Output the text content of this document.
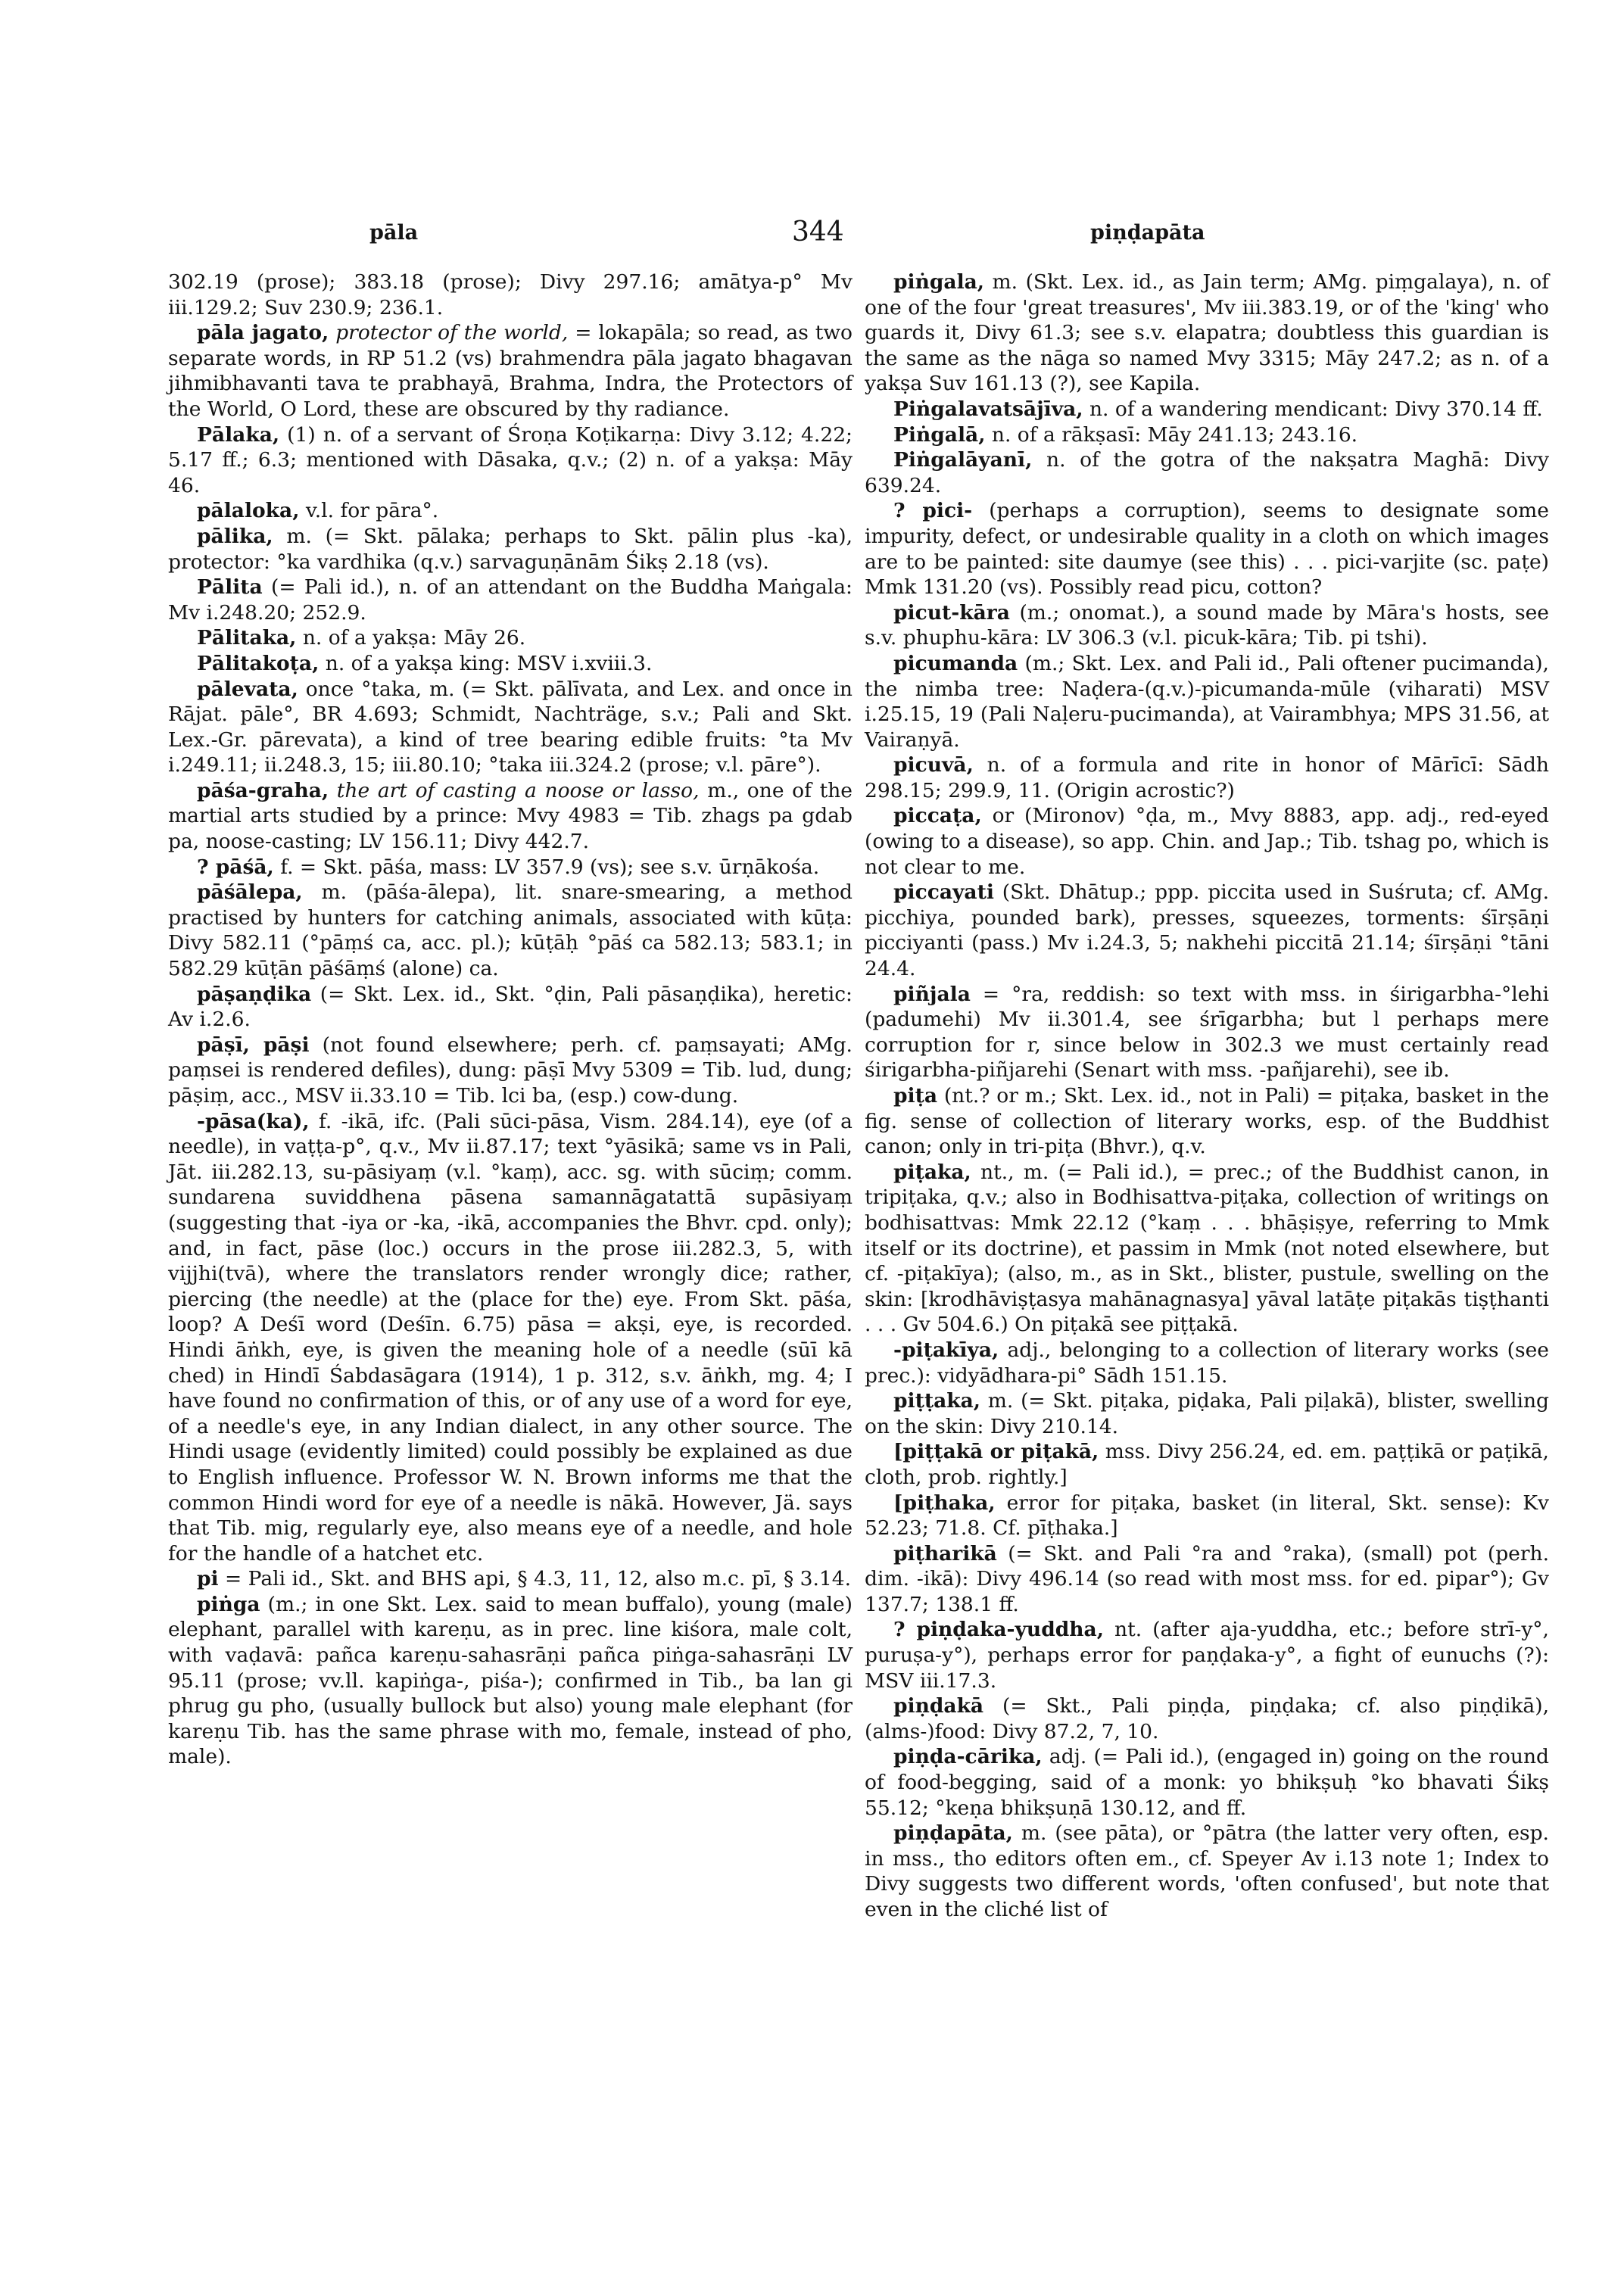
pāla	344	piṇḍapāta

302.19 (prose); 383.18 (prose); Divy 297.16; amātya-p° Mv iii.129.2; Suv 230.9; 236.1.

pāla jagato, protector of the world, = lokapāla; so read, as two separate words, in RP 51.2 (vs) brahmendra pāla jagato bhagavan jihmibhavanti tava te prabhayā, Brahma, Indra, the Protectors of the World, O Lord, these are obscured by thy radiance.

Pālaka, (1) n. of a servant of Śroṇa Koṭikarṇa: Divy 3.12; 4.22; 5.17 ff.; 6.3; mentioned with Dāsaka, q.v.; (2) n. of a yakṣa: Māy 46.

pālaloka, v.l. for pāra°.

pālika, m. (= Skt. pālaka; perhaps to Skt. pālin plus -ka), protector: °ka vardhika (q.v.) sarvaguṇānām Śikṣ 2.18 (vs).

Pālita (= Pali id.), n. of an attendant on the Buddha Maṅgala: Mv i.248.20; 252.9.

Pālitaka, n. of a yakṣa: Māy 26.

Pālitakoṭa, n. of a yakṣa king: MSV i.xviii.3.

pālevata, once °taka, m. (= Skt. pālīvata, and Lex. and once in Rājat. pāle°, BR 4.693; Schmidt, Nachträge, s.v.; Pali and Skt. Lex.-Gr. pārevata), a kind of tree bearing edible fruits: °ta Mv i.249.11; ii.248.3, 15; iii.80.10; °taka iii.324.2 (prose; v.l. pāre°).

pāśa-graha, the art of casting a noose or lasso, m., one of the martial arts studied by a prince: Mvy 4983 = Tib. zhags pa gdab pa, noose-casting; LV 156.11; Divy 442.7.

? pāśā, f. = Skt. pāśa, mass: LV 357.9 (vs); see s.v. ūrṇākośa.

pāśālepa, m. (pāśa-ālepa), lit. snare-smearing, a method practised by hunters for catching animals, associated with kūṭa: Divy 582.11 (°pāṃś ca, acc. pl.); kūṭāḥ °pāś ca 582.13; 583.1; in 582.29 kūṭān pāśāṃś (alone) ca.

pāṣaṇḍika (= Skt. Lex. id., Skt. °ḍin, Pali pāsaṇḍika), heretic: Av i.2.6.

pāṣī, pāṣi (not found elsewhere; perh. cf. paṃsayati; AMg. paṃsei is rendered defiles), dung: pāṣī Mvy 5309 = Tib. lud, dung; pāṣiṃ, acc., MSV ii.33.10 = Tib. lci ba, (esp.) cow-dung.

-pāsa(ka), f. -ikā, ifc. (Pali sūci-pāsa, Vism. 284.14), eye (of a needle), in vaṭṭa-p°, q.v., Mv ii.87.17; text °yāsikā; same vs in Pali, Jāt. iii.282.13, su-pāsiyaṃ (v.l. °kaṃ), acc. sg. with sūciṃ; comm. sundarena suviddhena pāsena samannāgatattā supāsiyaṃ (suggesting that -iya or -ka, -ikā, accompanies the Bhvr. cpd. only); and, in fact, pāse (loc.) occurs in the prose iii.282.3, 5, with vijjhi(tvā), where the translators render wrongly dice; rather, piercing (the needle) at the (place for the) eye. From Skt. pāśa, loop? A Deśī word (Deśīn. 6.75) pāsa = akṣi, eye, is recorded. Hindi āṅkh, eye, is given the meaning hole of a needle (sūī kā ched) in Hindī Śabdasāgara (1914), 1 p. 312, s.v. āṅkh, mg. 4; I have found no confirmation of this, or of any use of a word for eye, of a needle's eye, in any Indian dialect, in any other source. The Hindi usage (evidently limited) could possibly be explained as due to English influence. Professor W. N. Brown informs me that the common Hindi word for eye of a needle is nākā. However, Jä. says that Tib. mig, regularly eye, also means eye of a needle, and hole for the handle of a hatchet etc.

pi = Pali id., Skt. and BHS api, § 4.3, 11, 12, also m.c. pī, § 3.14.

piṅga (m.; in one Skt. Lex. said to mean buffalo), young (male) elephant, parallel with kareṇu, as in prec. line kiśora, male colt, with vaḍavā: pañca kareṇu-sahasrāṇi pañca piṅga-sahasrāṇi LV 95.11 (prose; vv.ll. kapiṅga-, piśa-); confirmed in Tib., ba lan gi phrug gu pho, (usually bullock but also) young male elephant (for kareṇu Tib. has the same phrase with mo, female, instead of pho, male).

piṅgala, m. (Skt. Lex. id., as Jain term; AMg. piṃgalaya), n. of one of the four 'great treasures', Mv iii.383.19, or of the 'king' who guards it, Divy 61.3; see s.v. elapatra; doubtless this guardian is the same as the nāga so named Mvy 3315; Māy 247.2; as n. of a yakṣa Suv 161.13 (?), see Kapila.

Piṅgalavatsājīva, n. of a wandering mendicant: Divy 370.14 ff.

Piṅgalā, n. of a rākṣasī: Māy 241.13; 243.16.

Piṅgalāyanī, n. of the gotra of the nakṣatra Maghā: Divy 639.24.

? pici- (perhaps a corruption), seems to designate some impurity, defect, or undesirable quality in a cloth on which images are to be painted: site daumye (see this) . . . pici-varjite (sc. paṭe) Mmk 131.20 (vs). Possibly read picu, cotton?

picut-kāra (m.; onomat.), a sound made by Māra's hosts, see s.v. phuphu-kāra: LV 306.3 (v.l. picuk-kāra; Tib. pi tshi).

picumanda (m.; Skt. Lex. and Pali id., Pali oftener pucimanda), the nimba tree: Naḍera-(q.v.)-picumanda-mūle (viharati) MSV i.25.15, 19 (Pali Naḷeru-pucimanda), at Vairambhya; MPS 31.56, at Vairaṇyā.

picuvā, n. of a formula and rite in honor of Mārīcī: Sādh 298.15; 299.9, 11. (Origin acrostic?)

piccaṭa, or (Mironov) °ḍa, m., Mvy 8883, app. adj., red-eyed (owing to a disease), so app. Chin. and Jap.; Tib. tshag po, which is not clear to me.

piccayati (Skt. Dhātup.; ppp. piccita used in Suśruta; cf. AMg. picchiya, pounded bark), presses, squeezes, torments: śīrṣāṇi picciyanti (pass.) Mv i.24.3, 5; nakhehi piccitā 21.14; śīrṣāṇi °tāni 24.4.

piñjala = °ra, reddish: so text with mss. in śirigarbha-°lehi (padumehi) Mv ii.301.4, see śrīgarbha; but l perhaps mere corruption for r, since below in 302.3 we must certainly read śirigarbha-piñjarehi (Senart with mss. -pañjarehi), see ib.

piṭa (nt.? or m.; Skt. Lex. id., not in Pali) = piṭaka, basket in the fig. sense of collection of literary works, esp. of the Buddhist canon; only in tri-piṭa (Bhvr.), q.v.

piṭaka, nt., m. (= Pali id.), = prec.; of the Buddhist canon, in tripiṭaka, q.v.; also in Bodhisattva-piṭaka, collection of writings on bodhisattvas: Mmk 22.12 (°kaṃ . . . bhāṣiṣye, referring to Mmk itself or its doctrine), et passim in Mmk (not noted elsewhere, but cf. -piṭakīya); (also, m., as in Skt., blister, pustule, swelling on the skin: [krodhāviṣṭasya mahānagnasya] yāval latāṭe piṭakās tiṣṭhanti . . . Gv 504.6.) On piṭakā see piṭṭakā.

-piṭakīya, adj., belonging to a collection of literary works (see prec.): vidyādhara-pi° Sādh 151.15.

piṭṭaka, m. (= Skt. piṭaka, piḍaka, Pali piḷakā), blister, swelling on the skin: Divy 210.14.

[piṭṭakā or piṭakā, mss. Divy 256.24, ed. em. paṭṭikā or paṭikā, cloth, prob. rightly.]

[piṭhaka, error for piṭaka, basket (in literal, Skt. sense): Kv 52.23; 71.8. Cf. pīṭhaka.]

piṭharikā (= Skt. and Pali °ra and °raka), (small) pot (perh. dim. -ikā): Divy 496.14 (so read with most mss. for ed. pipar°); Gv 137.7; 138.1 ff.

? piṇḍaka-yuddha, nt. (after aja-yuddha, etc.; before strī-y°, puruṣa-y°), perhaps error for paṇḍaka-y°, a fight of eunuchs (?): MSV iii.17.3.

piṇḍakā (= Skt., Pali piṇḍa, piṇḍaka; cf. also piṇḍikā), (alms-)food: Divy 87.2, 7, 10.

piṇḍa-cārika, adj. (= Pali id.), (engaged in) going on the round of food-begging, said of a monk: yo bhikṣuḥ °ko bhavati Śikṣ 55.12; °keṇa bhikṣuṇā 130.12, and ff.

piṇḍapāta, m. (see pāta), or °pātra (the latter very often, esp. in mss., tho editors often em., cf. Speyer Av i.13 note 1; Index to Divy suggests two different words, 'often confused', but note that even in the cliché list of
